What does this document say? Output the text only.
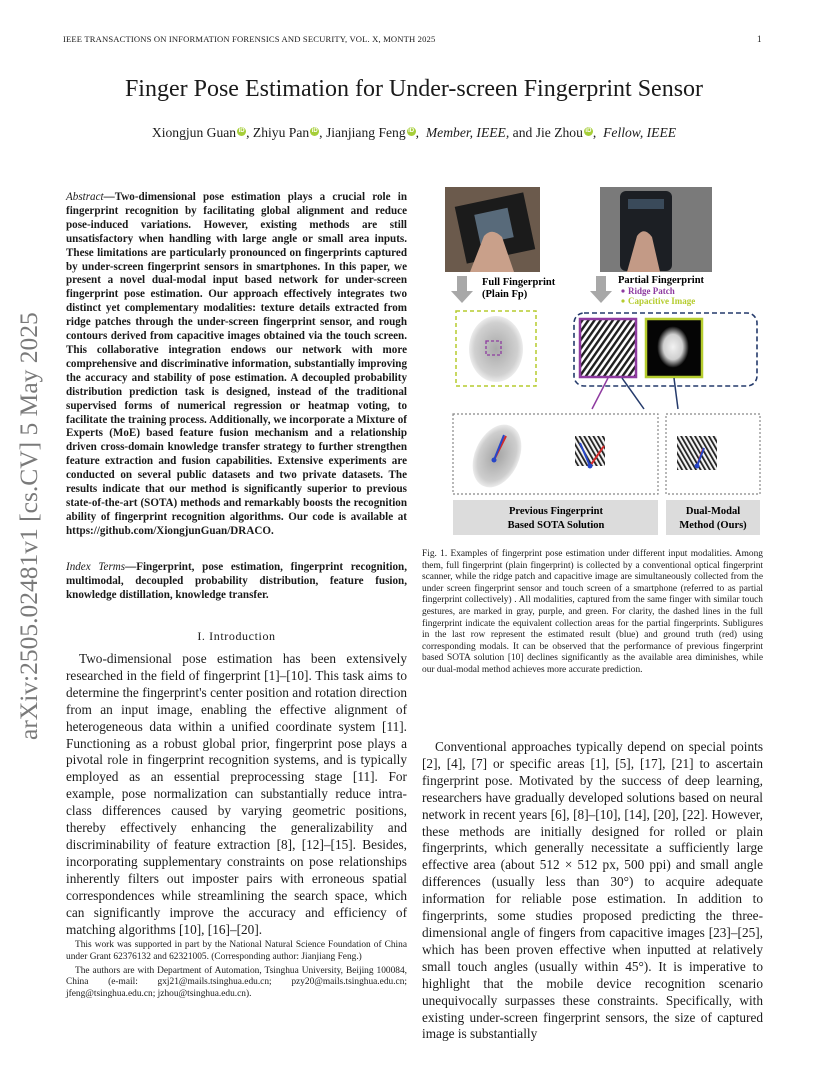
IEEE TRANSACTIONS ON INFORMATION FORENSICS AND SECURITY, VOL. X, MONTH 2025	1
Finger Pose Estimation for Under-screen Fingerprint Sensor
Xiongjun Guan iD , Zhiyu Pan iD , Jianjiang Feng iD ,  Member, IEEE, and Jie Zhou iD ,  Fellow, IEEE
arXiv:2505.02481v1 [cs.CV] 5 May 2025
Abstract—Two-dimensional pose estimation plays a crucial role in fingerprint recognition by facilitating global alignment and reduce pose-induced variations. However, existing methods are still unsatisfactory when handling with large angle or small area inputs. These limitations are particularly pronounced on fingerprints captured by under-screen fingerprint sensors in smartphones. In this paper, we present a novel dual-modal input based network for under-screen fingerprint pose estimation. Our approach effectively integrates two distinct yet complementary modalities: texture details extracted from ridge patches through the under-screen fingerprint sensor, and rough contours derived from capacitive images obtained via the touch screen. This collaborative integration endows our network with more comprehensive and discriminative information, substantially improving the accuracy and stability of pose estimation. A decoupled probability distribution prediction task is designed, instead of the traditional supervised forms of numerical regression or heatmap voting, to facilitate the training process. Additionally, we incorporate a Mixture of Experts (MoE) based feature fusion mechanism and a relationship driven cross-domain knowledge transfer strategy to further strengthen feature extraction and fusion capabilities. Extensive experiments are conducted on several public datasets and two private datasets. The results indicate that our method is significantly superior to previous state-of-the-art (SOTA) methods and remarkably boosts the recognition ability of fingerprint recognition algorithms. Our code is available at https://github.com/XiongjunGuan/DRACO.
Index Terms—Fingerprint, pose estimation, fingerprint recognition, multimodal, decoupled probability distribution, feature fusion, knowledge distillation, knowledge transfer.
I. Introduction

Two-dimensional pose estimation has been extensively researched in the field of fingerprint [1]–[10]. This task aims to determine the fingerprint's center position and rotation direction from an input image, enabling the effective alignment of heterogeneous data within a unified coordinate system [11]. Functioning as a robust global prior, fingerprint pose plays a pivotal role in fingerprint recognition systems, and is typically employed as an essential preprocessing stage [11]. For example, pose normalization can substantially reduce intra-class differences caused by varying geometric positions, thereby effectively enhancing the generalizability and discriminability of feature extraction [8], [12]–[15]. Besides, incorporating supplementary constraints on pose relationships inherently filters out imposter pairs with erroneous spatial correspondences while streamlining the search space, which can significantly improve the accuracy and efficiency of matching algorithms [10], [16]–[20].

This work was supported in part by the National Natural Science Foundation of China under Grant 62376132 and 62321005. (Corresponding author: Jianjiang Feng.)

The authors are with Department of Automation, Tsinghua University, Beijing 100084, China (e-mail: gxj21@mails.tsinghua.edu.cn; pzy20@mails.tsinghua.edu.cn; jfeng@tsinghua.edu.cn; jzhou@tsinghua.edu.cn).

Full Fingerprint
(Plain Fp)
Partial Fingerprint
Ridge Patch
Capacitive Image
Previous Fingerprint
Based SOTA Solution
Dual-Modal
Method (Ours)
Fig. 1. Examples of fingerprint pose estimation under different input modalities. Among them, full fingerprint (plain fingerprint) is collected by a conventional optical fingerprint scanner, while the ridge patch and capacitive image are simultaneously collected from the under screen fingerprint sensor and touch screen of a smartphone (referred to as partial fingerprint collectively) . All modalities, captured from the same finger with similar touch gestures, are marked in gray, purple, and green. For clarity, the dashed lines in the full fingerprint indicate the equivalent collection areas for the partial fingerprints. Subligures in the last row represent the estimated result (blue) and ground truth (red) using corresponding modals. It can be observed that the performance of previous fingerprint based SOTA solution [10] declines significantly as the available area diminishes, while our dual-modal method achieves more accurate prediction.

Conventional approaches typically depend on special points [2], [4], [7] or specific areas [1], [5], [17], [21] to ascertain fingerprint pose. Motivated by the success of deep learning, researchers have gradually developed solutions based on neural network in recent years [6], [8]–[10], [14], [20], [22]. However, these methods are initially designed for rolled or plain fingerprints, which generally necessitate a sufficiently large effective area (about 512 × 512 px, 500 ppi) and small angle differences (usually less than 30°) to acquire adequate information for reliable pose estimation. In addition to fingerprints, some studies proposed predicting the three-dimensional angle of fingers from capacitive images [23]–[25], which has been proven effective when inputted at relatively small touch angles (usually within 45°). It is imperative to highlight that the mobile device recognition scenario unequivocally surpasses these constraints. Specifically, with existing under-screen fingerprint sensors, the size of captured image is substantially
